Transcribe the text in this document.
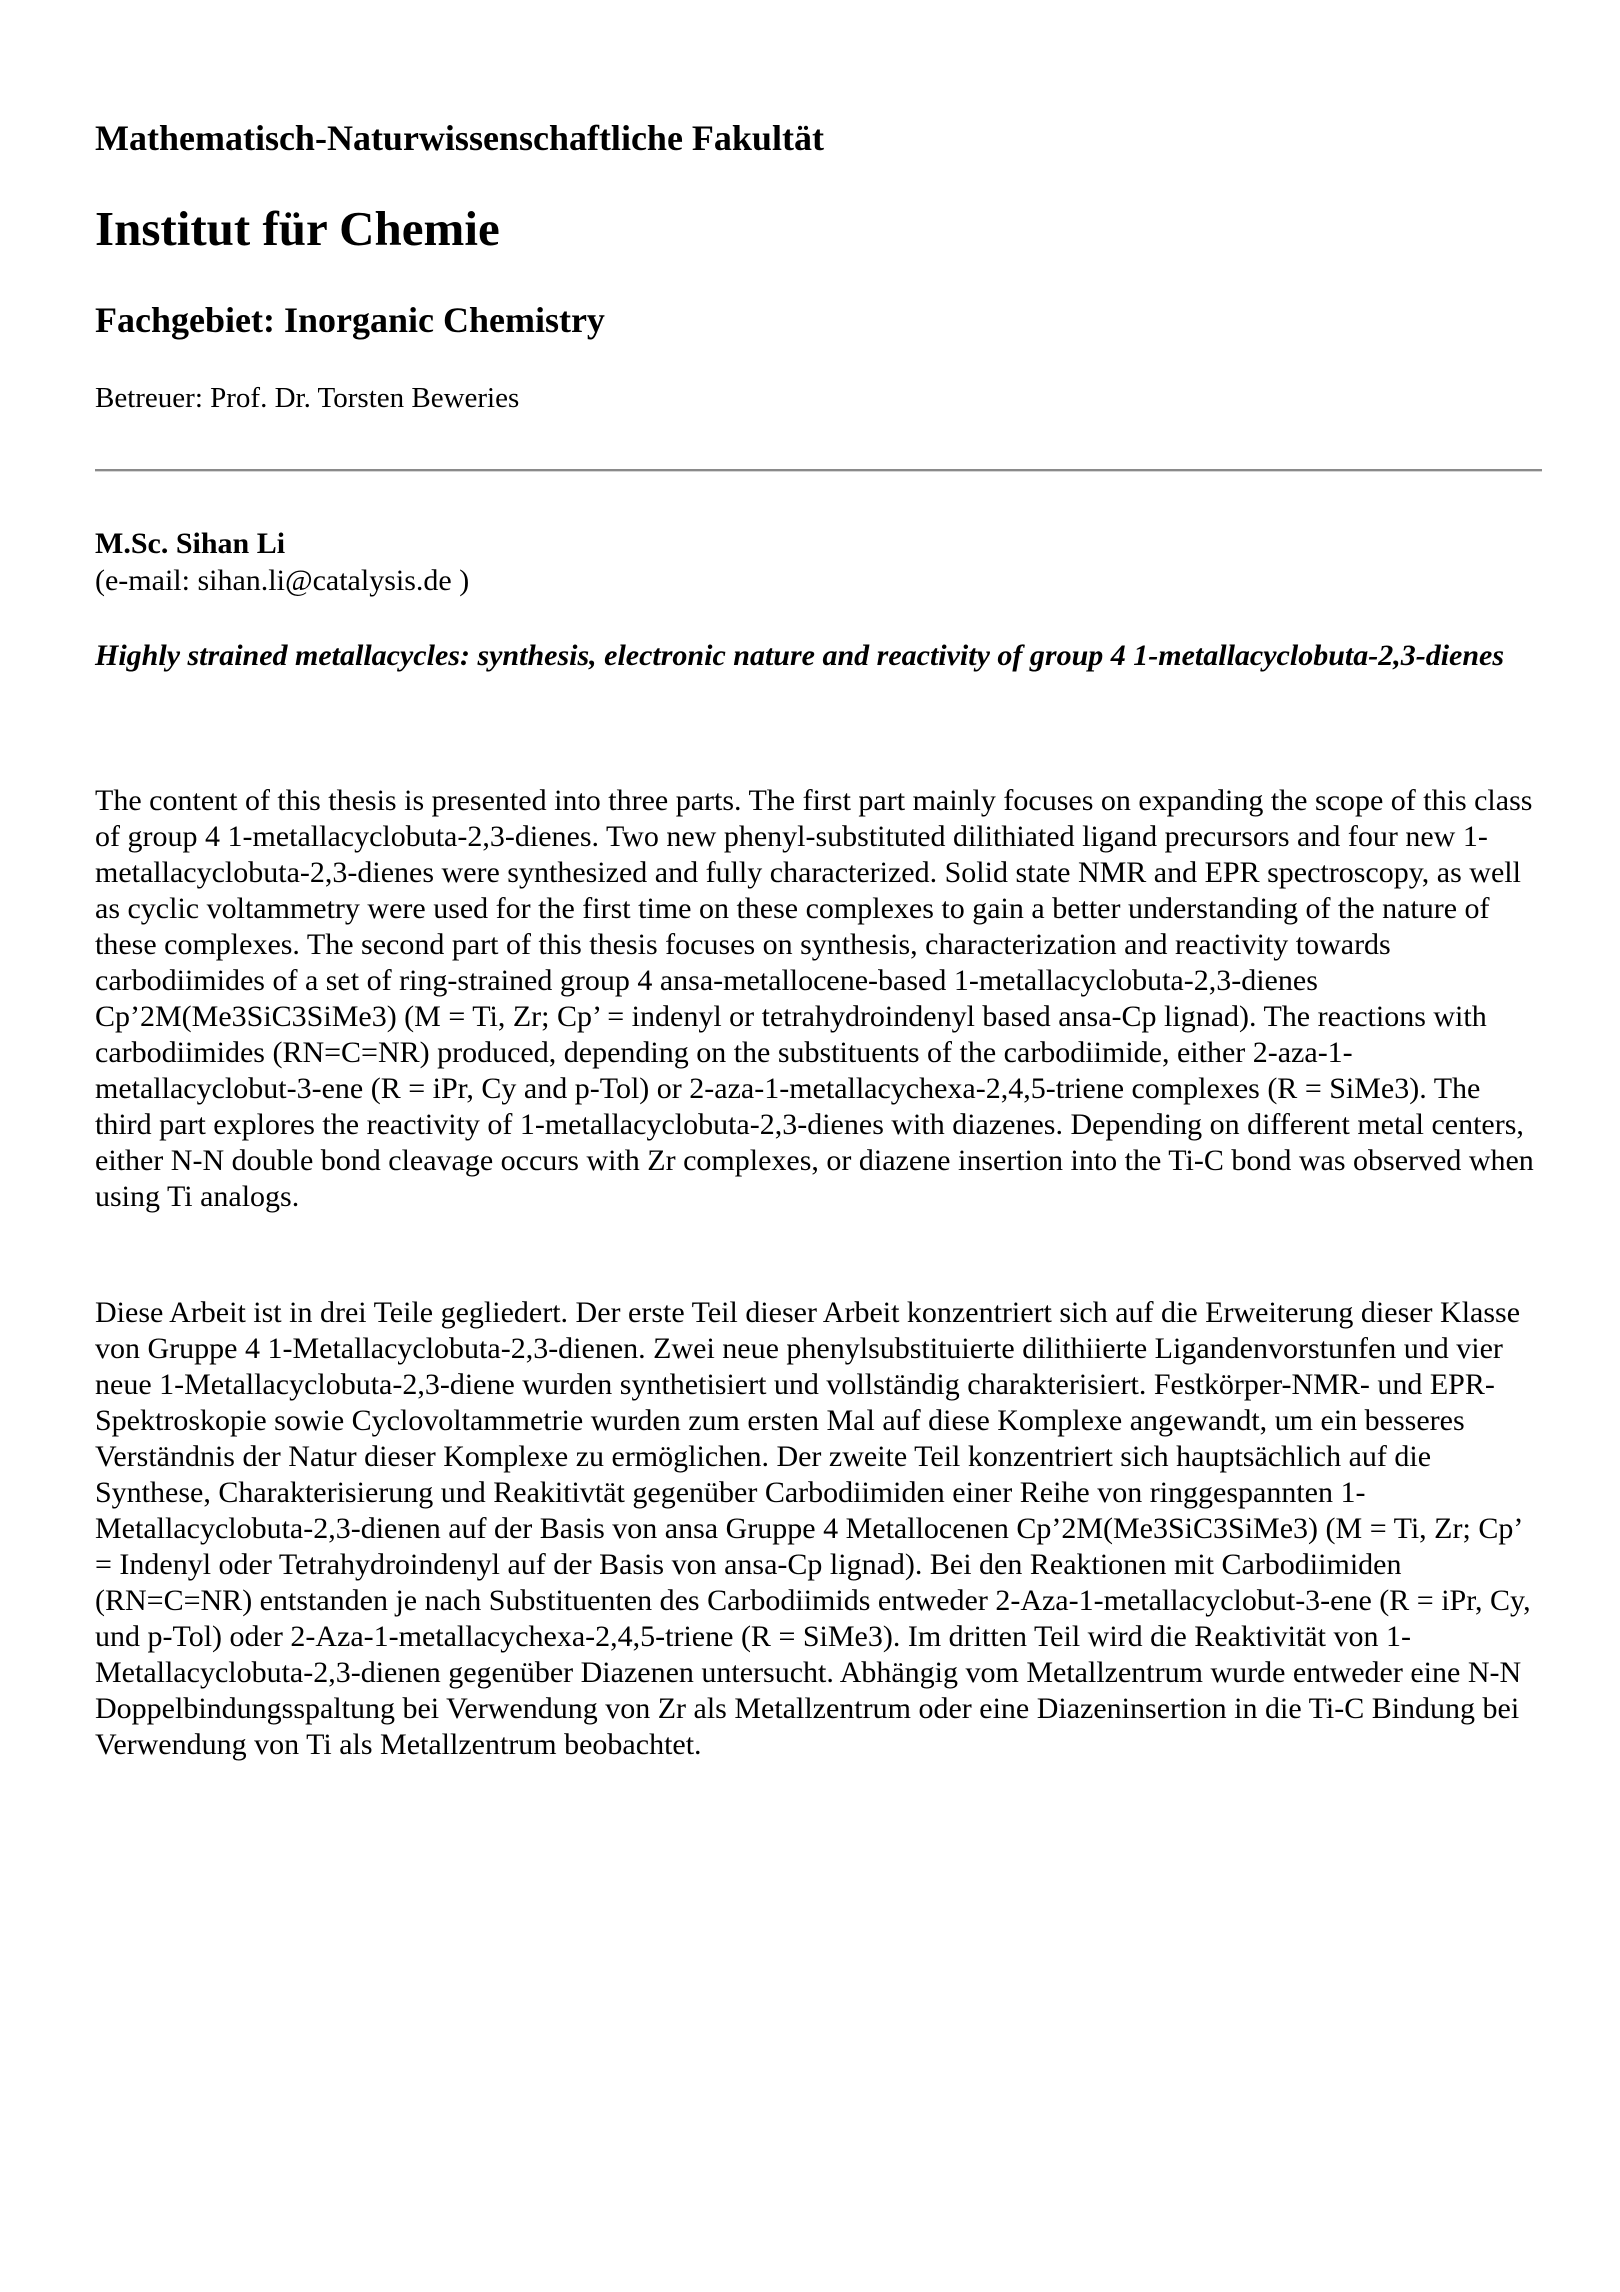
Mathematisch-Naturwissenschaftliche Fakultät
Institut für Chemie
Fachgebiet: Inorganic Chemistry
Betreuer: Prof. Dr. Torsten Beweries
M.Sc. Sihan Li
(e-mail: sihan.li@catalysis.de )
Highly strained metallacycles: synthesis, electronic nature and reactivity of group 4 1-metallacyclobuta-2,3-dienes

The content of this thesis is presented into three parts. The first part mainly focuses on expanding the scope of this class of group 4 1-metallacyclobuta-2,3-dienes. Two new phenyl-substituted dilithiated ligand precursors and four new 1-metallacyclobuta-2,3-dienes were synthesized and fully characterized. Solid state NMR and EPR spectroscopy, as well as cyclic voltammetry were used for the first time on these complexes to gain a better understanding of the nature of these complexes. The second part of this thesis focuses on synthesis, characterization and reactivity towards carbodiimides of a set of ring-strained group 4 ansa-metallocene-based 1-metallacyclobuta-2,3-dienes Cp’2M(Me3SiC3SiMe3) (M = Ti, Zr; Cp’ = indenyl or tetrahydroindenyl based ansa-Cp lignad). The reactions with carbodiimides (RN=C=NR) produced, depending on the substituents of the carbodiimide, either 2-aza-1-metallacyclobut-3-ene (R = iPr, Cy and p-Tol) or 2-aza-1-metallacychexa-2,4,5-triene complexes (R = SiMe3). The third part explores the reactivity of 1-metallacyclobuta-2,3-dienes with diazenes. Depending on different metal centers, either N-N double bond cleavage occurs with Zr complexes, or diazene insertion into the Ti-C bond was observed when using Ti analogs.

Diese Arbeit ist in drei Teile gegliedert. Der erste Teil dieser Arbeit konzentriert sich auf die Erweiterung dieser Klasse von Gruppe 4 1-Metallacyclobuta-2,3-dienen. Zwei neue phenylsubstituierte dilithiierte Ligandenvorstunfen und vier neue 1-Metallacyclobuta-2,3-diene wurden synthetisiert und vollständig charakterisiert. Festkörper-NMR- und EPR-Spektroskopie sowie Cyclovoltammetrie wurden zum ersten Mal auf diese Komplexe angewandt, um ein besseres Verständnis der Natur dieser Komplexe zu ermöglichen. Der zweite Teil konzentriert sich hauptsächlich auf die Synthese, Charakterisierung und Reakitivtät gegenüber Carbodiimiden einer Reihe von ringgespannten 1-Metallacyclobuta-2,3-dienen auf der Basis von ansa Gruppe 4 Metallocenen Cp’2M(Me3SiC3SiMe3) (M = Ti, Zr; Cp’ = Indenyl oder Tetrahydroindenyl auf der Basis von ansa-Cp lignad). Bei den Reaktionen mit Carbodiimiden (RN=C=NR) entstanden je nach Substituenten des Carbodiimids entweder 2-Aza-1-metallacyclobut-3-ene (R = iPr, Cy, und p-Tol) oder 2-Aza-1-metallacychexa-2,4,5-triene (R = SiMe3). Im dritten Teil wird die Reaktivität von 1-Metallacyclobuta-2,3-dienen gegenüber Diazenen untersucht. Abhängig vom Metallzentrum wurde entweder eine N-N Doppelbindungsspaltung bei Verwendung von Zr als Metallzentrum oder eine Diazeninsertion in die Ti-C Bindung bei Verwendung von Ti als Metallzentrum beobachtet.
